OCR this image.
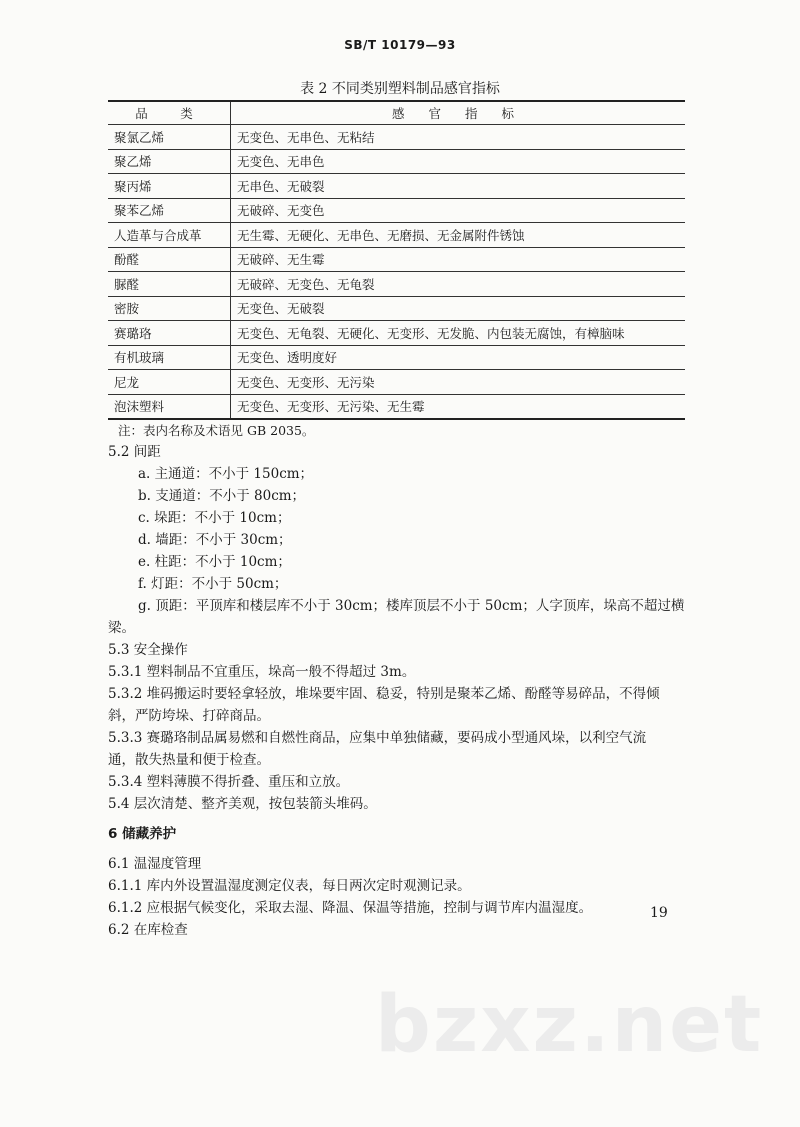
SB/T 10179—93
表 2 不同类别塑料制品感官指标
品　类	感 官 指 标
聚氯乙烯	无变色、无串色、无粘结
聚乙烯	无变色、无串色
聚丙烯	无串色、无破裂
聚苯乙烯	无破碎、无变色
人造革与合成革	无生霉、无硬化、无串色、无磨损、无金属附件锈蚀
酚醛	无破碎、无生霉
脲醛	无破碎、无变色、无龟裂
密胺	无变色、无破裂
赛璐珞	无变色、无龟裂、无硬化、无变形、无发脆、内包装无腐蚀，有樟脑味
有机玻璃	无变色、透明度好
尼龙	无变色、无变形、无污染
泡沫塑料	无变色、无变形、无污染、无生霉
注：表内名称及术语见 GB 2035。
5.2 间距
a. 主通道：不小于 150cm；
b. 支通道：不小于 80cm；
c. 垛距：不小于 10cm；
d. 墙距：不小于 30cm；
e. 柱距：不小于 10cm；
f. 灯距：不小于 50cm；
g. 顶距：平顶库和楼层库不小于 30cm；楼库顶层不小于 50cm；人字顶库，垛高不超过横
梁。
5.3 安全操作
5.3.1 塑料制品不宜重压，垛高一般不得超过 3m。
5.3.2 堆码搬运时要轻拿轻放，堆垛要牢固、稳妥，特别是聚苯乙烯、酚醛等易碎品，不得倾
斜，严防垮垛、打碎商品。
5.3.3 赛璐珞制品属易燃和自燃性商品，应集中单独储藏，要码成小型通风垛，以利空气流
通，散失热量和便于检查。
5.3.4 塑料薄膜不得折叠、重压和立放。
5.4 层次清楚、整齐美观，按包装箭头堆码。
6 储藏养护
6.1 温湿度管理
6.1.1 库内外设置温湿度测定仪表，每日两次定时观测记录。
6.1.2 应根据气候变化，采取去湿、降温、保温等措施，控制与调节库内温湿度。
6.2 在库检查
19
bzxz.net
